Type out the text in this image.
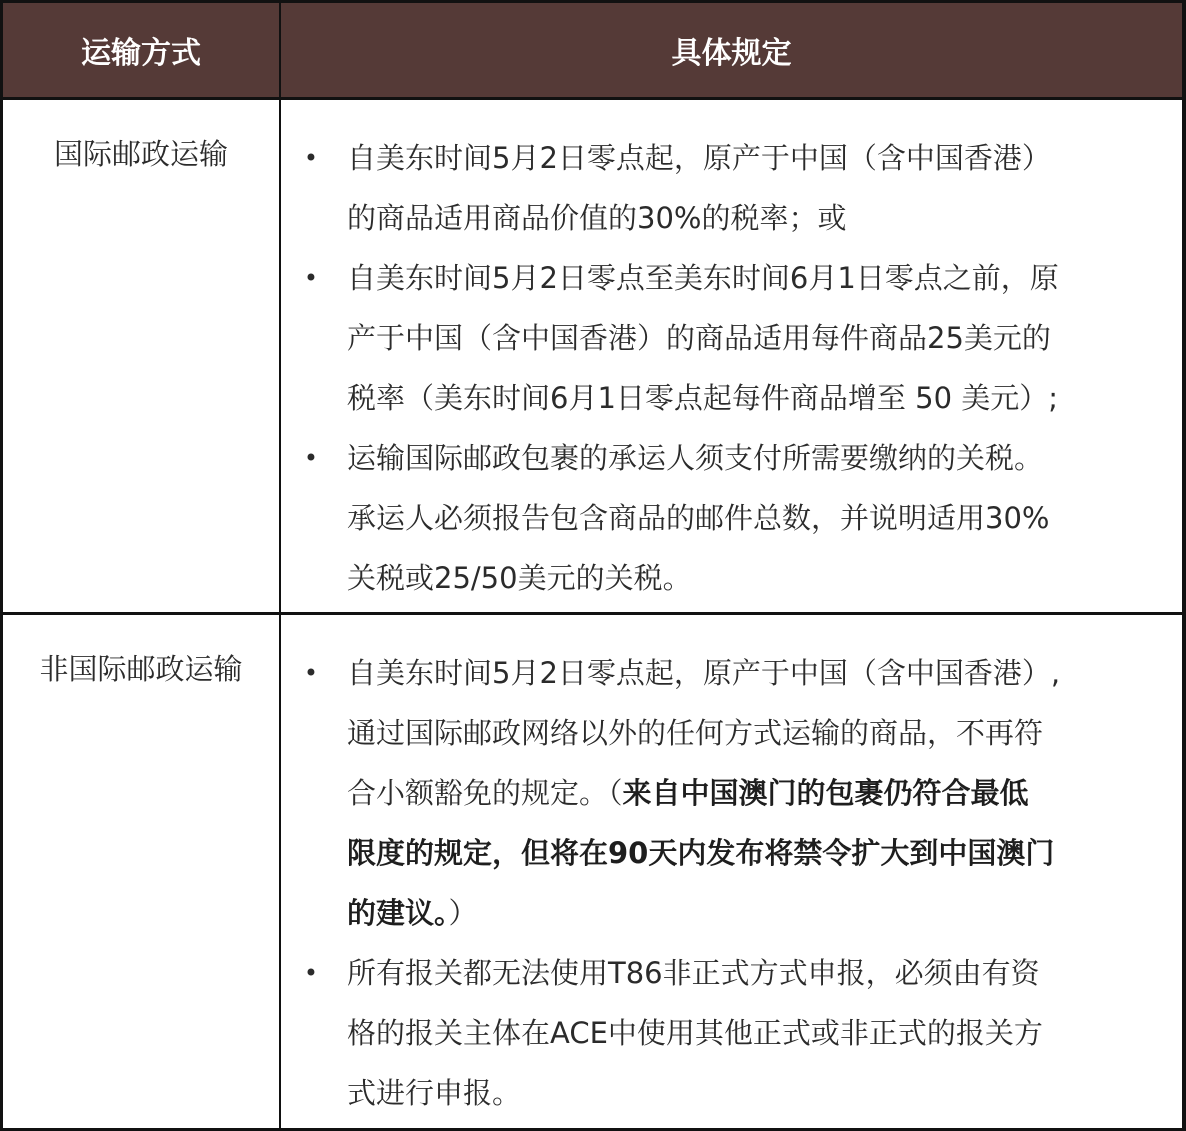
运输方式	具体规定
国际邮政运输	• 自美东时间5月2日零点起，原产于中国（含中国香港）
的商品适用商品价值的30%的税率；或
• 自美东时间5月2日零点至美东时间6月1日零点之前，原
产于中国（含中国香港）的商品适用每件商品25美元的
税率（美东时间6月1日零点起每件商品增至 50 美元）;
• 运输国际邮政包裹的承运人须支付所需要缴纳的关税。
承运人必须报告包含商品的邮件总数，并说明适用30%
关税或25/50美元的关税。
非国际邮政运输	• 自美东时间5月2日零点起，原产于中国（含中国香港）,
通过国际邮政网络以外的任何方式运输的商品，不再符
合小额豁免的规定。（来自中国澳门的包裹仍符合最低
限度的规定，但将在90天内发布将禁令扩大到中国澳门
的建议。）
• 所有报关都无法使用T86非正式方式申报，必须由有资
格的报关主体在ACE中使用其他正式或非正式的报关方
式进行申报。
